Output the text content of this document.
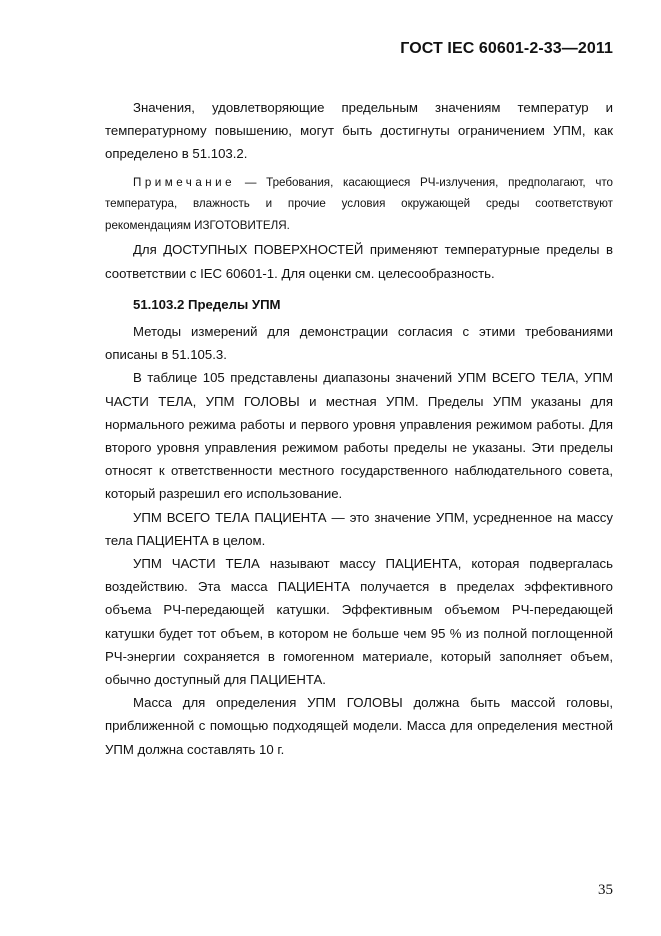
ГОСТ IEC 60601-2-33—2011

Значения, удовлетворяющие предельным значениям температур и температурному повышению, могут быть достигнуты ограничением УПМ, как определено в 51.103.2.

Примечание — Требования, касающиеся РЧ-излучения, предполагают, что температура, влажность и прочие условия окружающей среды соответствуют рекомендациям ИЗГОТОВИТЕЛЯ.

Для ДОСТУПНЫХ ПОВЕРХНОСТЕЙ применяют температурные пределы в соответствии с IEC 60601-1. Для оценки см. целесообразность.

51.103.2 Пределы УПМ

Методы измерений для демонстрации согласия с этими требованиями описаны в 51.105.3.

В таблице 105 представлены диапазоны значений УПМ ВСЕГО ТЕЛА, УПМ ЧАСТИ ТЕЛА, УПМ ГОЛОВЫ и местная УПМ. Пределы УПМ указаны для нормального режима работы и первого уровня управления режимом работы. Для второго уровня управления режимом работы пределы не указаны. Эти пределы относят к ответственности местного государственного наблюдательного совета, который разрешил его использование.

УПМ ВСЕГО ТЕЛА ПАЦИЕНТА — это значение УПМ, усредненное на массу тела ПАЦИЕНТА в целом.

УПМ ЧАСТИ ТЕЛА называют массу ПАЦИЕНТА, которая подвергалась воздействию. Эта масса ПАЦИЕНТА получается в пределах эффективного объема РЧ-передающей катушки. Эффективным объемом РЧ-передающей катушки будет тот объем, в котором не больше чем 95 % из полной поглощенной РЧ-энергии сохраняется в гомогенном материале, который заполняет объем, обычно доступный для ПАЦИЕНТА.

Масса для определения УПМ ГОЛОВЫ должна быть массой головы, приближенной с помощью подходящей модели. Масса для определения местной УПМ должна составлять 10 г.

35
